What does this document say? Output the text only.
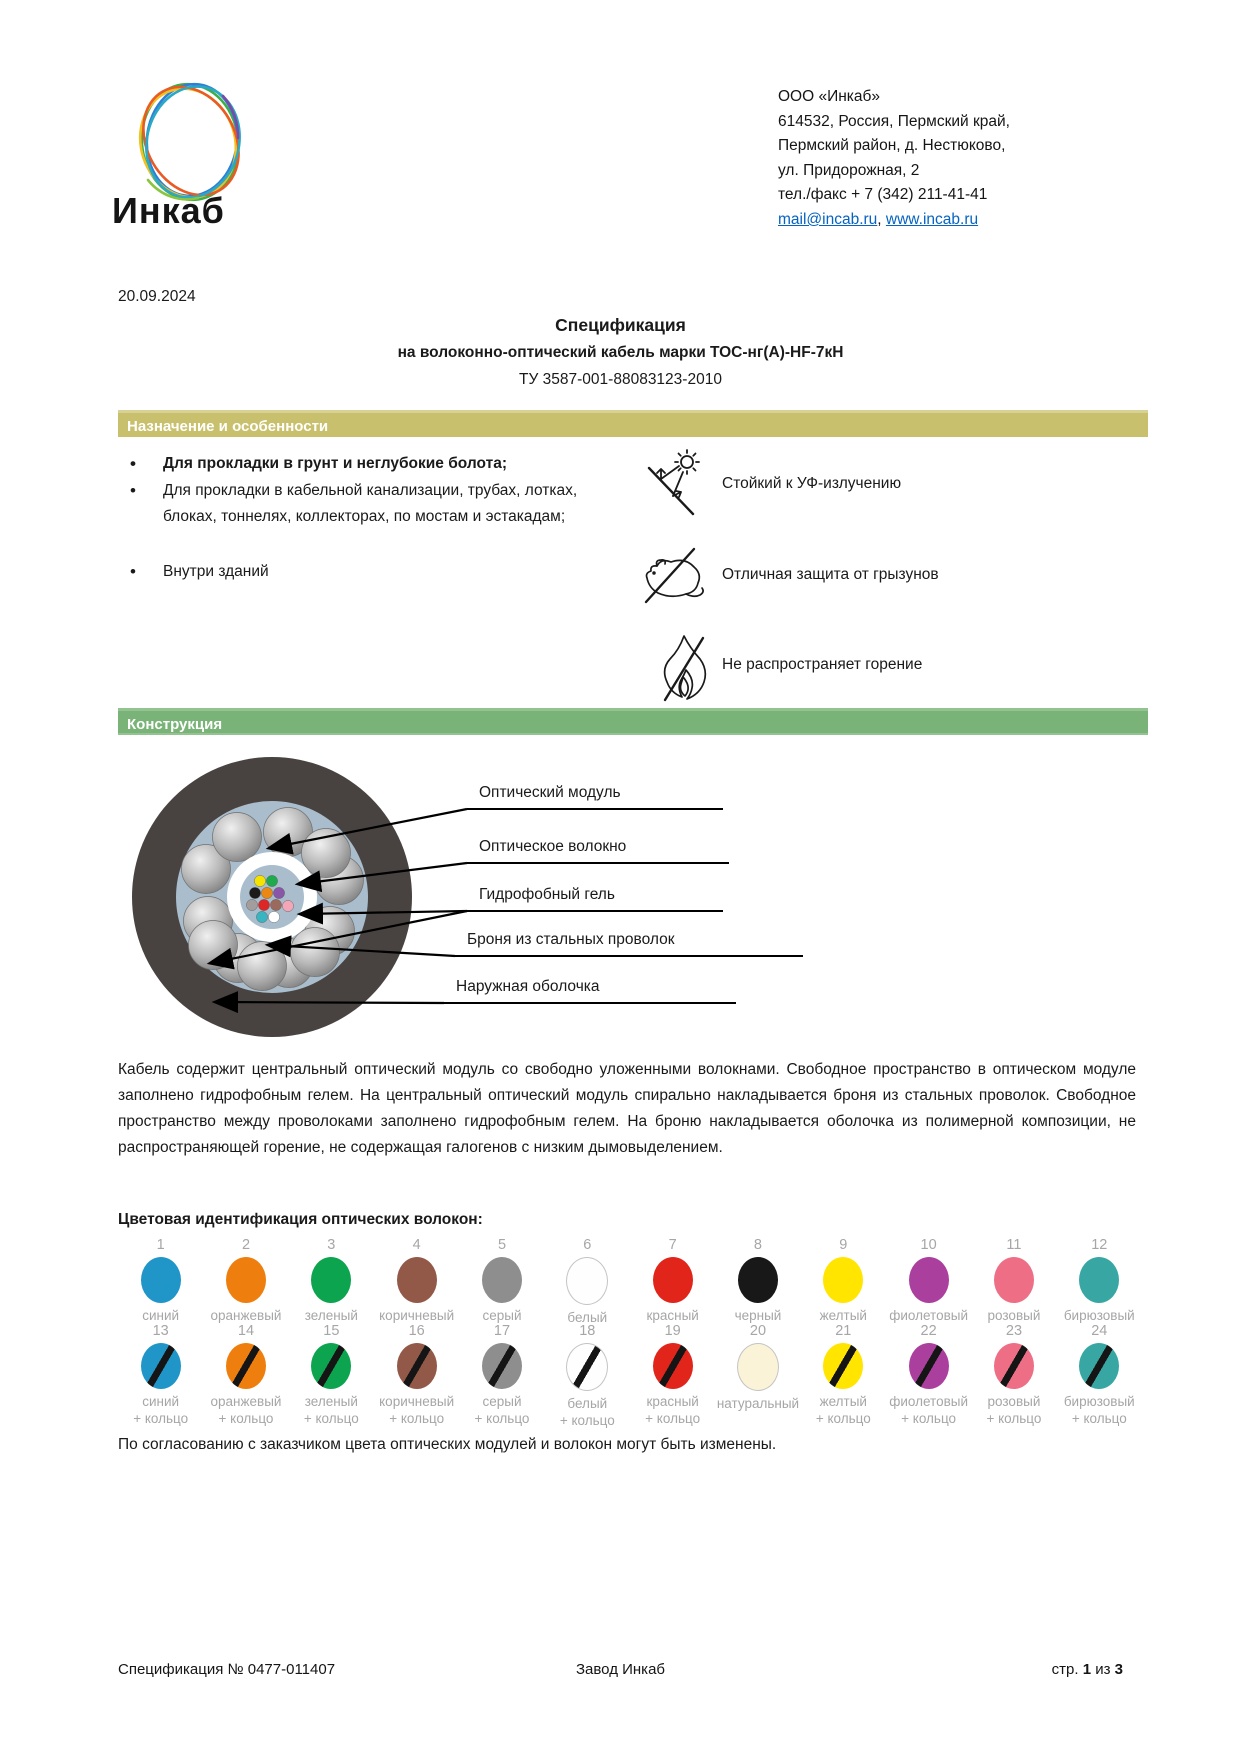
Инкаб
ООО «Инкаб»
614532, Россия, Пермский край,
Пермский район, д. Нестюково,
ул. Придорожная, 2
тел./факс + 7 (342) 211-41-41
mail@incab.ru, www.incab.ru
20.09.2024
Спецификация
на волоконно-оптический кабель марки ТОС-нг(А)-HF-7кН
ТУ 3587-001-88083123-2010
Назначение и особенности
• Для прокладки в грунт и неглубокие болота;
• Для прокладки в кабельной канализации, трубах, лотках, блоках, тоннелях, коллекторах, по мостам и эстакадам;
• Внутри зданий
Стойкий к УФ-излучению
Отличная защита от грызунов
Не распространяет горение
Конструкция
Оптический модуль
Оптическое волокно
Гидрофобный гель
Броня из стальных проволок
Наружная оболочка
Кабель содержит центральный оптический модуль со свободно уложенными волокнами. Свободное пространство в оптическом модуле заполнено гидрофобным гелем. На центральный оптический модуль спирально накладывается броня из стальных проволок. Свободное пространство между проволоками заполнено гидрофобным гелем. На броню накладывается оболочка из полимерной композиции, не распространяющей горение, не содержащая галогенов с низким дымовыделением.
Цветовая идентификация оптических волокон:
1
синий
2
оранжевый
3
зеленый
4
коричневый
5
серый
6
белый
7
красный
8
черный
9
желтый
10
фиолетовый
11
розовый
12
бирюзовый
13
синий
+ кольцо
14
оранжевый
+ кольцо
15
зеленый
+ кольцо
16
коричневый
+ кольцо
17
серый
+ кольцо
18
белый
+ кольцо
19
красный
+ кольцо
20
натуральный
21
желтый
+ кольцо
22
фиолетовый
+ кольцо
23
розовый
+ кольцо
24
бирюзовый
+ кольцо
По согласованию с заказчиком цвета оптических модулей и волокон могут быть изменены.
Спецификация № 0477-011407	Завод Инкаб	стр. 1 из 3
